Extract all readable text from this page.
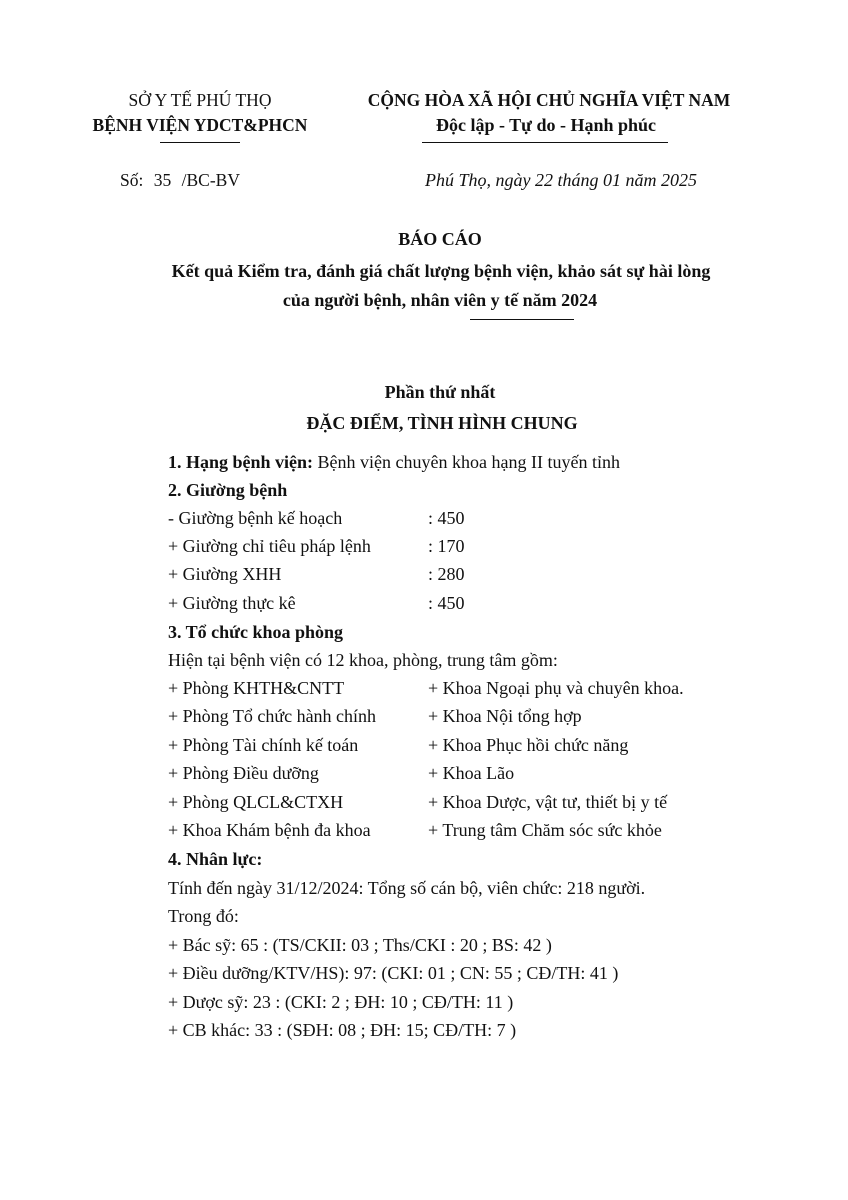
SỞ Y TẾ PHÚ THỌ
BỆNH VIỆN YDCT&PHCN
CỘNG HÒA XÃ HỘI CHỦ NGHĨA VIỆT NAM
Độc lập - Tự do - Hạnh phúc
Số: 35 /BC-BV	Phú Thọ, ngày 22 tháng 01 năm 2025
BÁO CÁO
Kết quả Kiểm tra, đánh giá chất lượng bệnh viện, khảo sát sự hài lòng
của người bệnh, nhân viên y tế năm 2024
Phần thứ nhất
ĐẶC ĐIỂM, TÌNH HÌNH CHUNG
1. Hạng bệnh viện: Bệnh viện chuyên khoa hạng II tuyến tỉnh
2. Giường bệnh
- Giường bệnh kế hoạch	: 450
+ Giường chỉ tiêu pháp lệnh	: 170
+ Giường XHH	: 280
+ Giường thực kê	: 450
3. Tổ chức khoa phòng
Hiện tại bệnh viện có 12 khoa, phòng, trung tâm gồm:
+ Phòng KHTH&CNTT	+ Khoa Ngoại phụ và chuyên khoa.
+ Phòng Tổ chức hành chính	+ Khoa Nội tổng hợp
+ Phòng Tài chính kế toán	+ Khoa Phục hồi chức năng
+ Phòng Điều dưỡng	+ Khoa Lão
+ Phòng QLCL&CTXH	+ Khoa Dược, vật tư, thiết bị y tế
+ Khoa Khám bệnh đa khoa	+ Trung tâm Chăm sóc sức khỏe
4. Nhân lực:
Tính đến ngày 31/12/2024: Tổng số cán bộ, viên chức: 218 người.
Trong đó:
+ Bác sỹ: 65 : (TS/CKII: 03 ; Ths/CKI : 20 ; BS: 42 )
+ Điều dưỡng/KTV/HS): 97: (CKI: 01 ; CN: 55 ; CĐ/TH: 41 )
+ Dược sỹ: 23 : (CKI: 2 ; ĐH: 10 ; CĐ/TH: 11 )
+ CB khác: 33 : (SĐH: 08 ; ĐH: 15; CĐ/TH: 7 )
